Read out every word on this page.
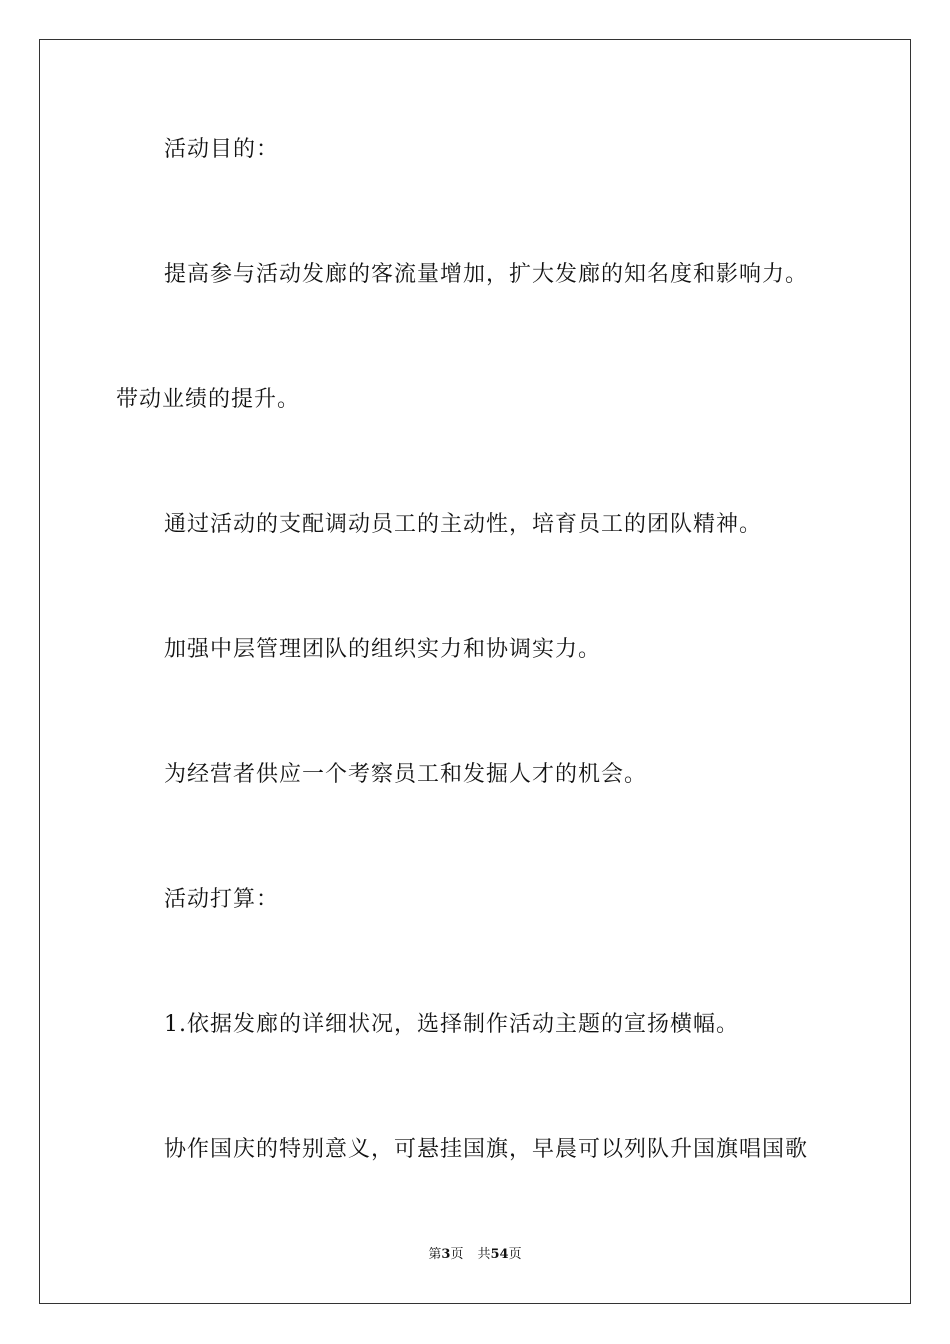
活动目的：
提高参与活动发廊的客流量增加，扩大发廊的知名度和影响力。
带动业绩的提升。
通过活动的支配调动员工的主动性，培育员工的团队精神。
加强中层管理团队的组织实力和协调实力。
为经营者供应一个考察员工和发掘人才的机会。
活动打算：
1.依据发廊的详细状况，选择制作活动主题的宣扬横幅。
协作国庆的特别意义，可悬挂国旗，早晨可以列队升国旗唱国歌
第3页 共54页
